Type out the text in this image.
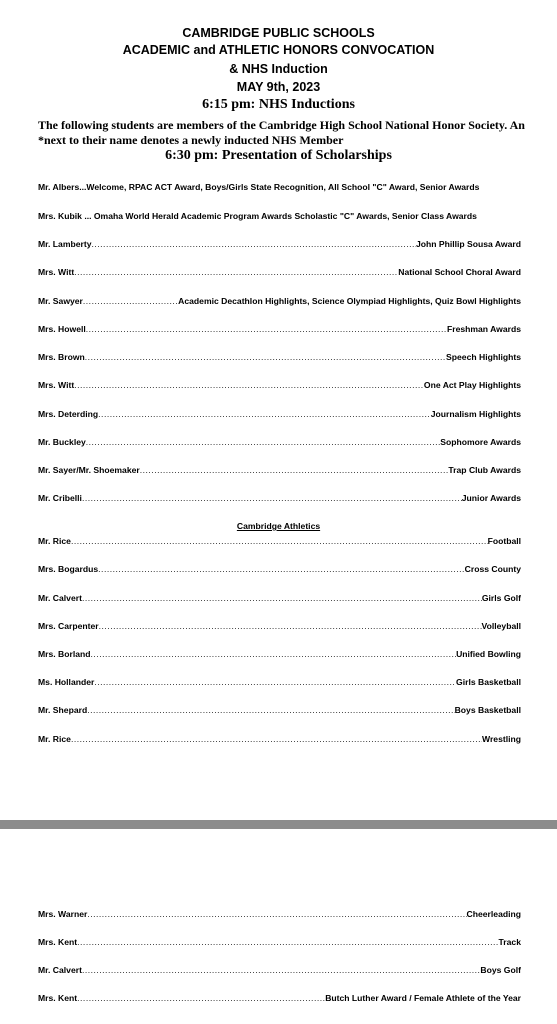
CAMBRIDGE PUBLIC SCHOOLS
ACADEMIC and ATHLETIC HONORS CONVOCATION
& NHS Induction
MAY 9th, 2023
6:15 pm: NHS Inductions
The following students are members of the Cambridge High School National Honor Society. An *next to their name denotes a newly inducted NHS Member
6:30 pm: Presentation of Scholarships
Mr. Albers...Welcome, RPAC ACT Award, Boys/Girls State Recognition, All School "C" Award, Senior Awards
Mrs. Kubik ... Omaha World Herald Academic Program Awards Scholastic "C" Awards, Senior Class Awards
Mr. Lamberty .....	John Phillip Sousa Award
Mrs. Witt .....	National School Choral Award
Mr. Sawyer .....	Academic Decathlon Highlights, Science Olympiad Highlights, Quiz Bowl Highlights
Mrs. Howell .....	Freshman Awards
Mrs. Brown .....	Speech Highlights
Mrs. Witt .....	One Act Play Highlights
Mrs. Deterding .....	Journalism Highlights
Mr. Buckley .....	Sophomore Awards
Mr. Sayer/Mr. Shoemaker .....	Trap Club Awards
Mr. Cribelli .....	Junior Awards
Cambridge Athletics
Mr. Rice .....	Football
Mrs. Bogardus .....	Cross County
Mr. Calvert .....	Girls Golf
Mrs. Carpenter .....	Volleyball
Mrs. Borland .....	Unified Bowling
Ms. Hollander .....	Girls Basketball
Mr. Shepard .....	Boys Basketball
Mr. Rice .....	Wrestling
Mrs. Warner .....	Cheerleading
Mrs. Kent .....	Track
Mr. Calvert .....	Boys Golf
Mrs. Kent .....	Butch Luther Award / Female Athlete of the Year
